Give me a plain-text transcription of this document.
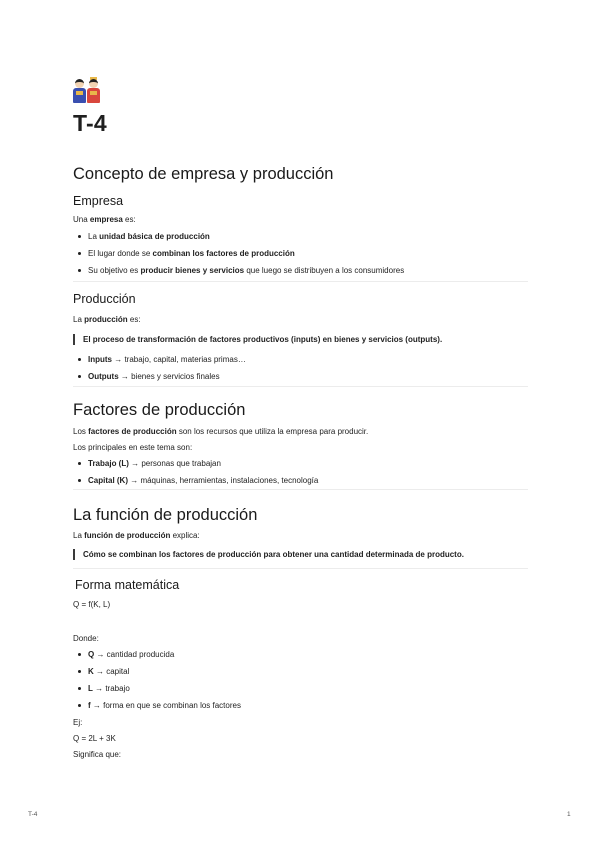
T-4
Concepto de empresa y producción
Empresa

Una empresa es:

La unidad básica de producción
El lugar donde se combinan los factores de producción
Su objetivo es producir bienes y servicios que luego se distribuyen a los consumidores
Producción

La producción es:

El proceso de transformación de factores productivos (inputs) en bienes y servicios (outputs).
Inputs → trabajo, capital, materias primas…
Outputs → bienes y servicios finales
Factores de producción

Los factores de producción son los recursos que utiliza la empresa para producir.

Los principales en este tema son:

Trabajo (L) → personas que trabajan
Capital (K) → máquinas, herramientas, instalaciones, tecnología
La función de producción

La función de producción explica:

Cómo se combinan los factores de producción para obtener una cantidad determinada de producto.
Forma matemática

Q = f(K, L)

Donde:

Q → cantidad producida
K → capital
L → trabajo
f → forma en que se combinan los factores

Ej:

Q = 2L + 3K

Significa que:

T-4	1
